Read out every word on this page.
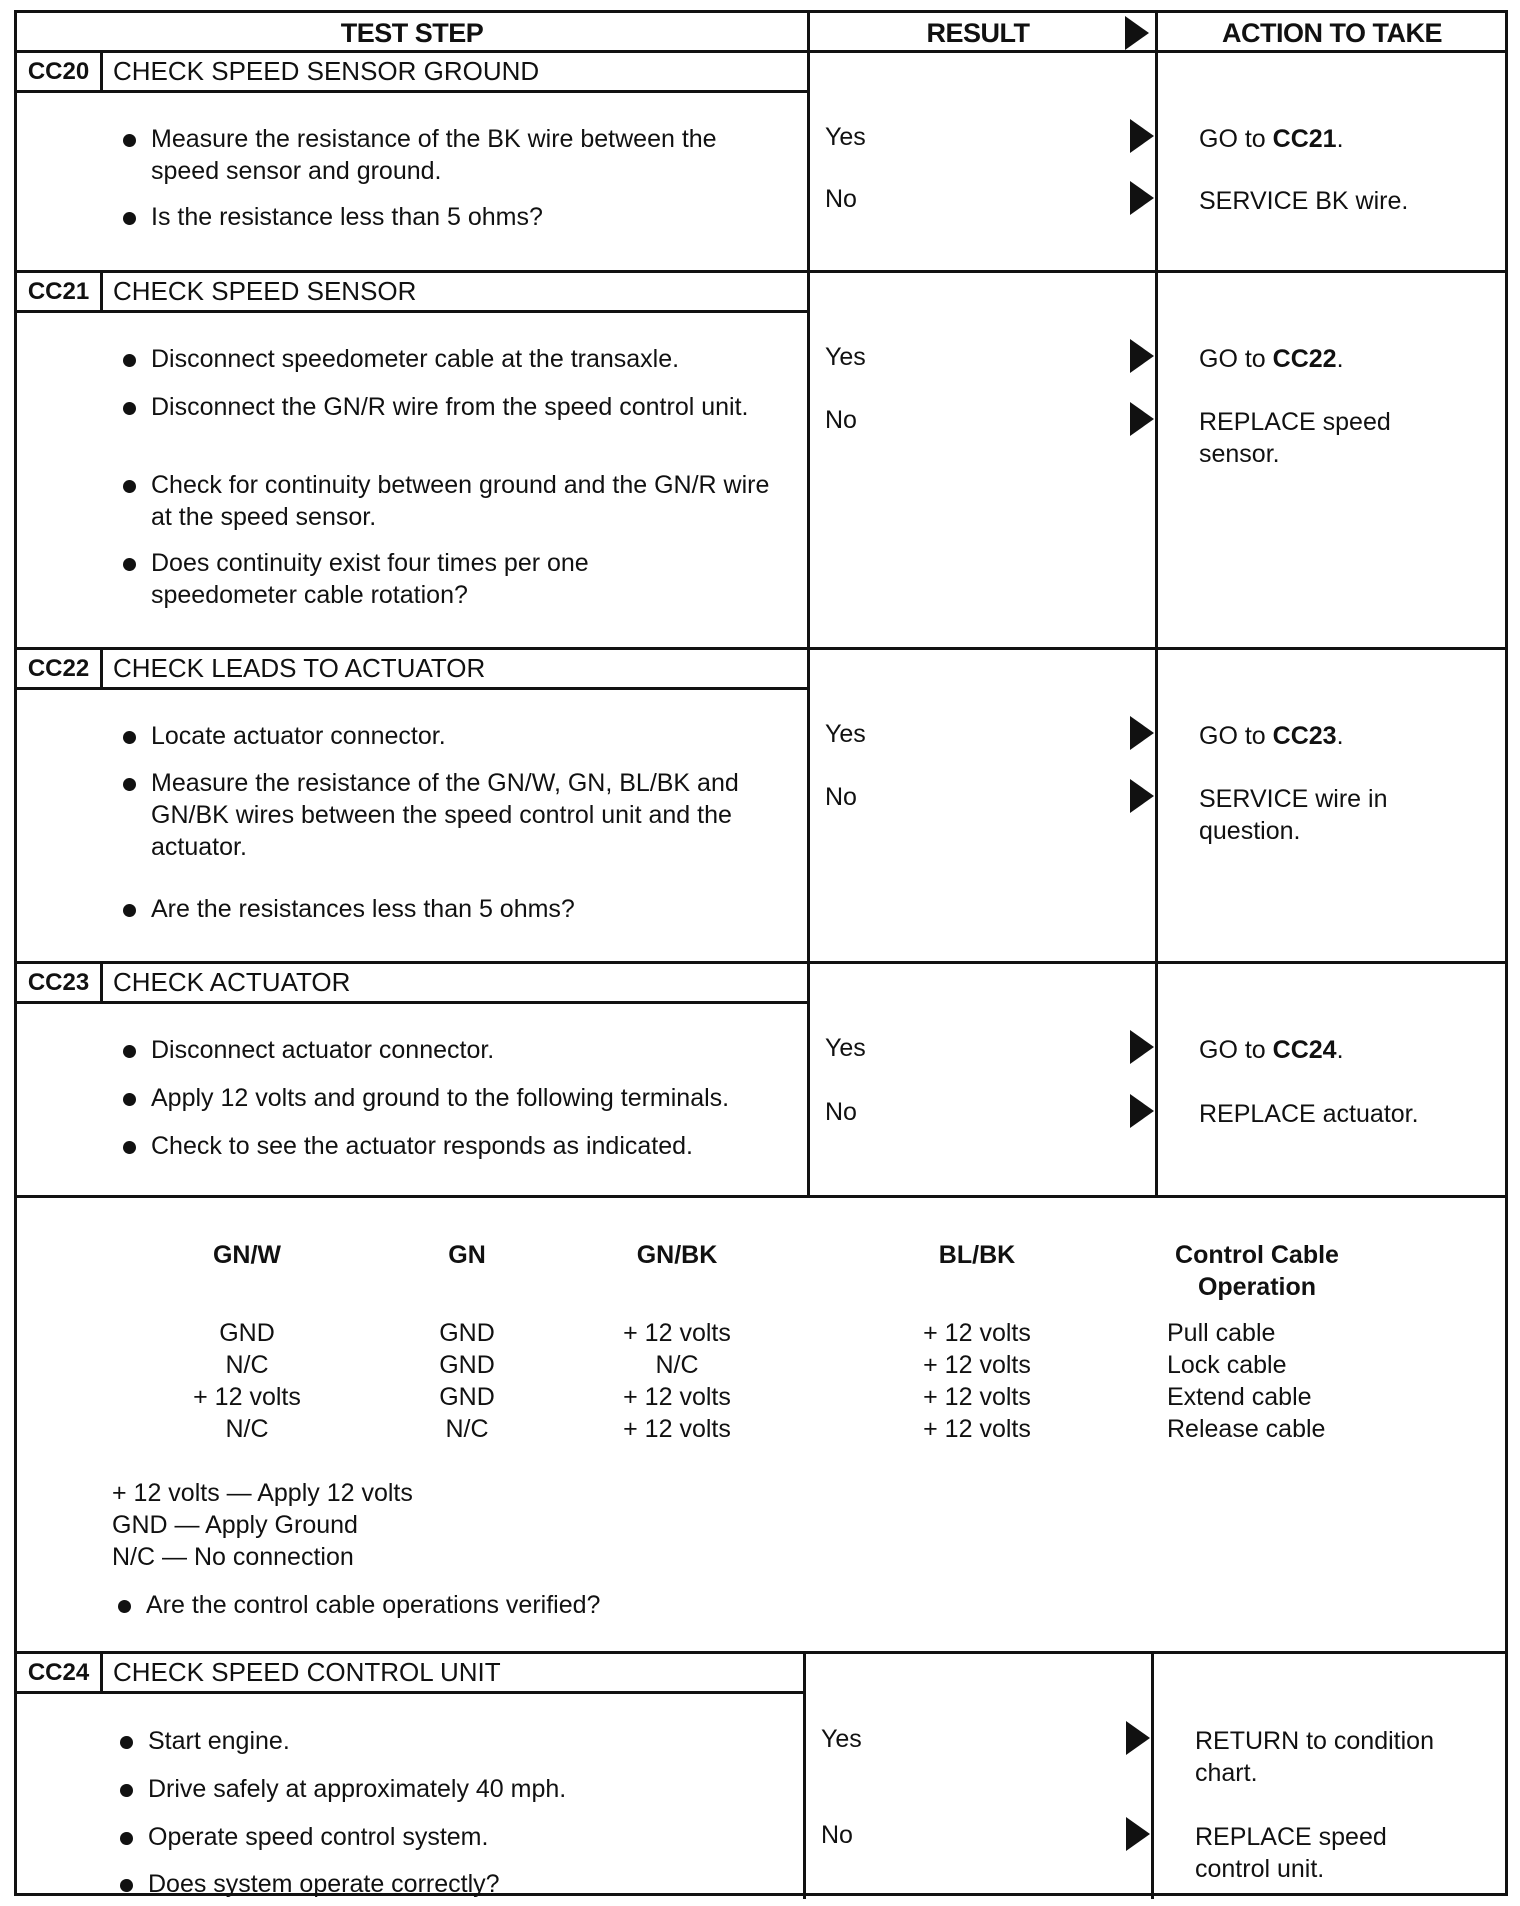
TEST STEP	RESULT	ACTION TO TAKE
CC20 CHECK SPEED SENSOR GROUND
Measure the resistance of the BK wire between the speed sensor and ground.
Is the resistance less than 5 ohms?
Yes	GO to CC21.
No	SERVICE BK wire.
CC21 CHECK SPEED SENSOR
Disconnect speedometer cable at the transaxle.
Disconnect the GN/R wire from the speed control unit.
Check for continuity between ground and the GN/R wire at the speed sensor.
Does continuity exist four times per one speedometer cable rotation?
Yes	GO to CC22.
No	REPLACE speed sensor.
CC22 CHECK LEADS TO ACTUATOR
Locate actuator connector.
Measure the resistance of the GN/W, GN, BL/BK and GN/BK wires between the speed control unit and the actuator.
Are the resistances less than 5 ohms?
Yes	GO to CC23.
No	SERVICE wire in question.
CC23 CHECK ACTUATOR
Disconnect actuator connector.
Apply 12 volts and ground to the following terminals.
Check to see the actuator responds as indicated.
Yes	GO to CC24.
No	REPLACE actuator.
GN/W	GN	GN/BK	BL/BK	Control Cable Operation
GND	GND	+ 12 volts	+ 12 volts	Pull cable
N/C	GND	N/C	+ 12 volts	Lock cable
+ 12 volts	GND	+ 12 volts	+ 12 volts	Extend cable
N/C	N/C	+ 12 volts	+ 12 volts	Release cable
+ 12 volts — Apply 12 volts
GND — Apply Ground
N/C — No connection
Are the control cable operations verified?
CC24 CHECK SPEED CONTROL UNIT
Start engine.
Drive safely at approximately 40 mph.
Operate speed control system.
Does system operate correctly?
Yes	RETURN to condition chart.
No	REPLACE speed control unit.
